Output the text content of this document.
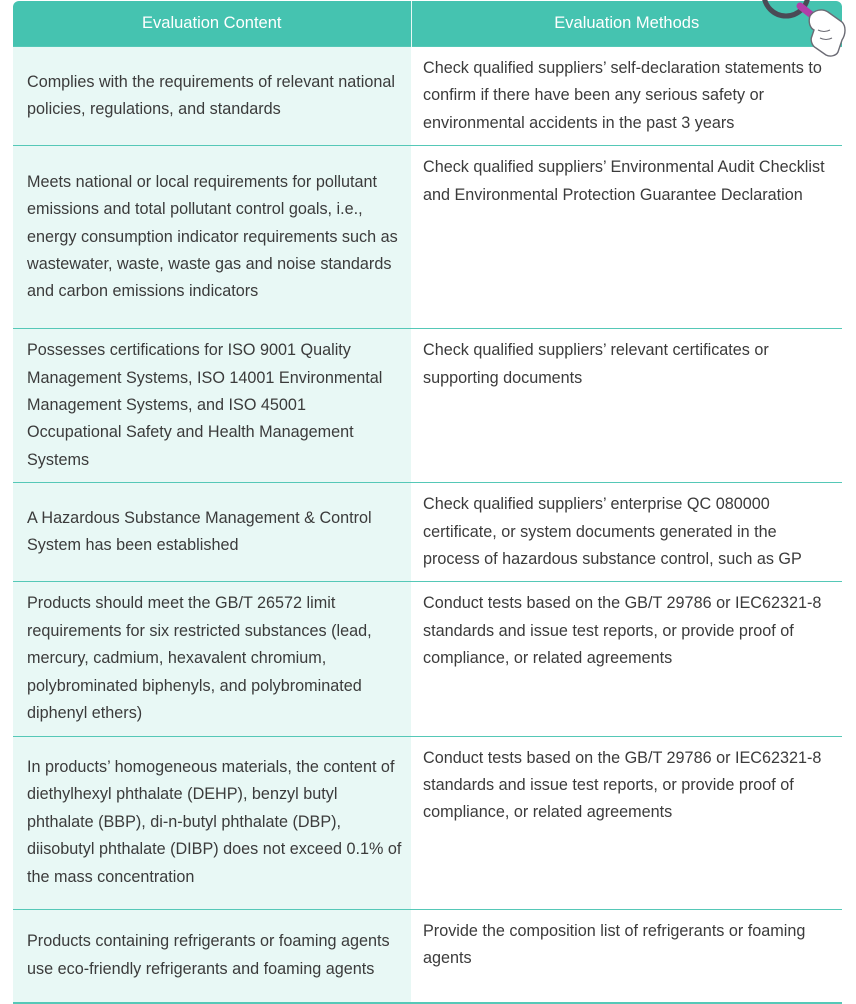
Evaluation Content	Evaluation Methods
Complies with the requirements of relevant national policies, regulations, and standards	Check qualified suppliers’ self-declaration statements to confirm if there have been any serious safety or environmental accidents in the past 3 years
Meets national or local requirements for pollutant emissions and total pollutant control goals, i.e., energy consumption indicator requirements such as wastewater, waste, waste gas and noise standards and carbon emissions indicators	Check qualified suppliers’ Environmental Audit Checklist and Environmental Protection Guarantee Declaration
Possesses certifications for ISO 9001 Quality Management Systems, ISO 14001 Environmental Management Systems, and ISO 45001 Occupational Safety and Health Management Systems	Check qualified suppliers’ relevant certificates or supporting documents
A Hazardous Substance Management & Control System has been established	Check qualified suppliers’ enterprise QC 080000 certificate, or system documents generated in the process of hazardous substance control, such as GP
Products should meet the GB/T 26572 limit requirements for six restricted substances (lead, mercury, cadmium, hexavalent chromium, polybrominated biphenyls, and polybrominated diphenyl ethers)	Conduct tests based on the GB/T 29786 or IEC62321-8 standards and issue test reports, or provide proof of compliance, or related agreements
In products’ homogeneous materials, the content of diethylhexyl phthalate (DEHP), benzyl butyl phthalate (BBP), di-n-butyl phthalate (DBP), diisobutyl phthalate (DIBP) does not exceed 0.1% of the mass concentration	Conduct tests based on the GB/T 29786 or IEC62321-8 standards and issue test reports, or provide proof of compliance, or related agreements
Products containing refrigerants or foaming agents use eco-friendly refrigerants and foaming agents	Provide the composition list of refrigerants or foaming agents
